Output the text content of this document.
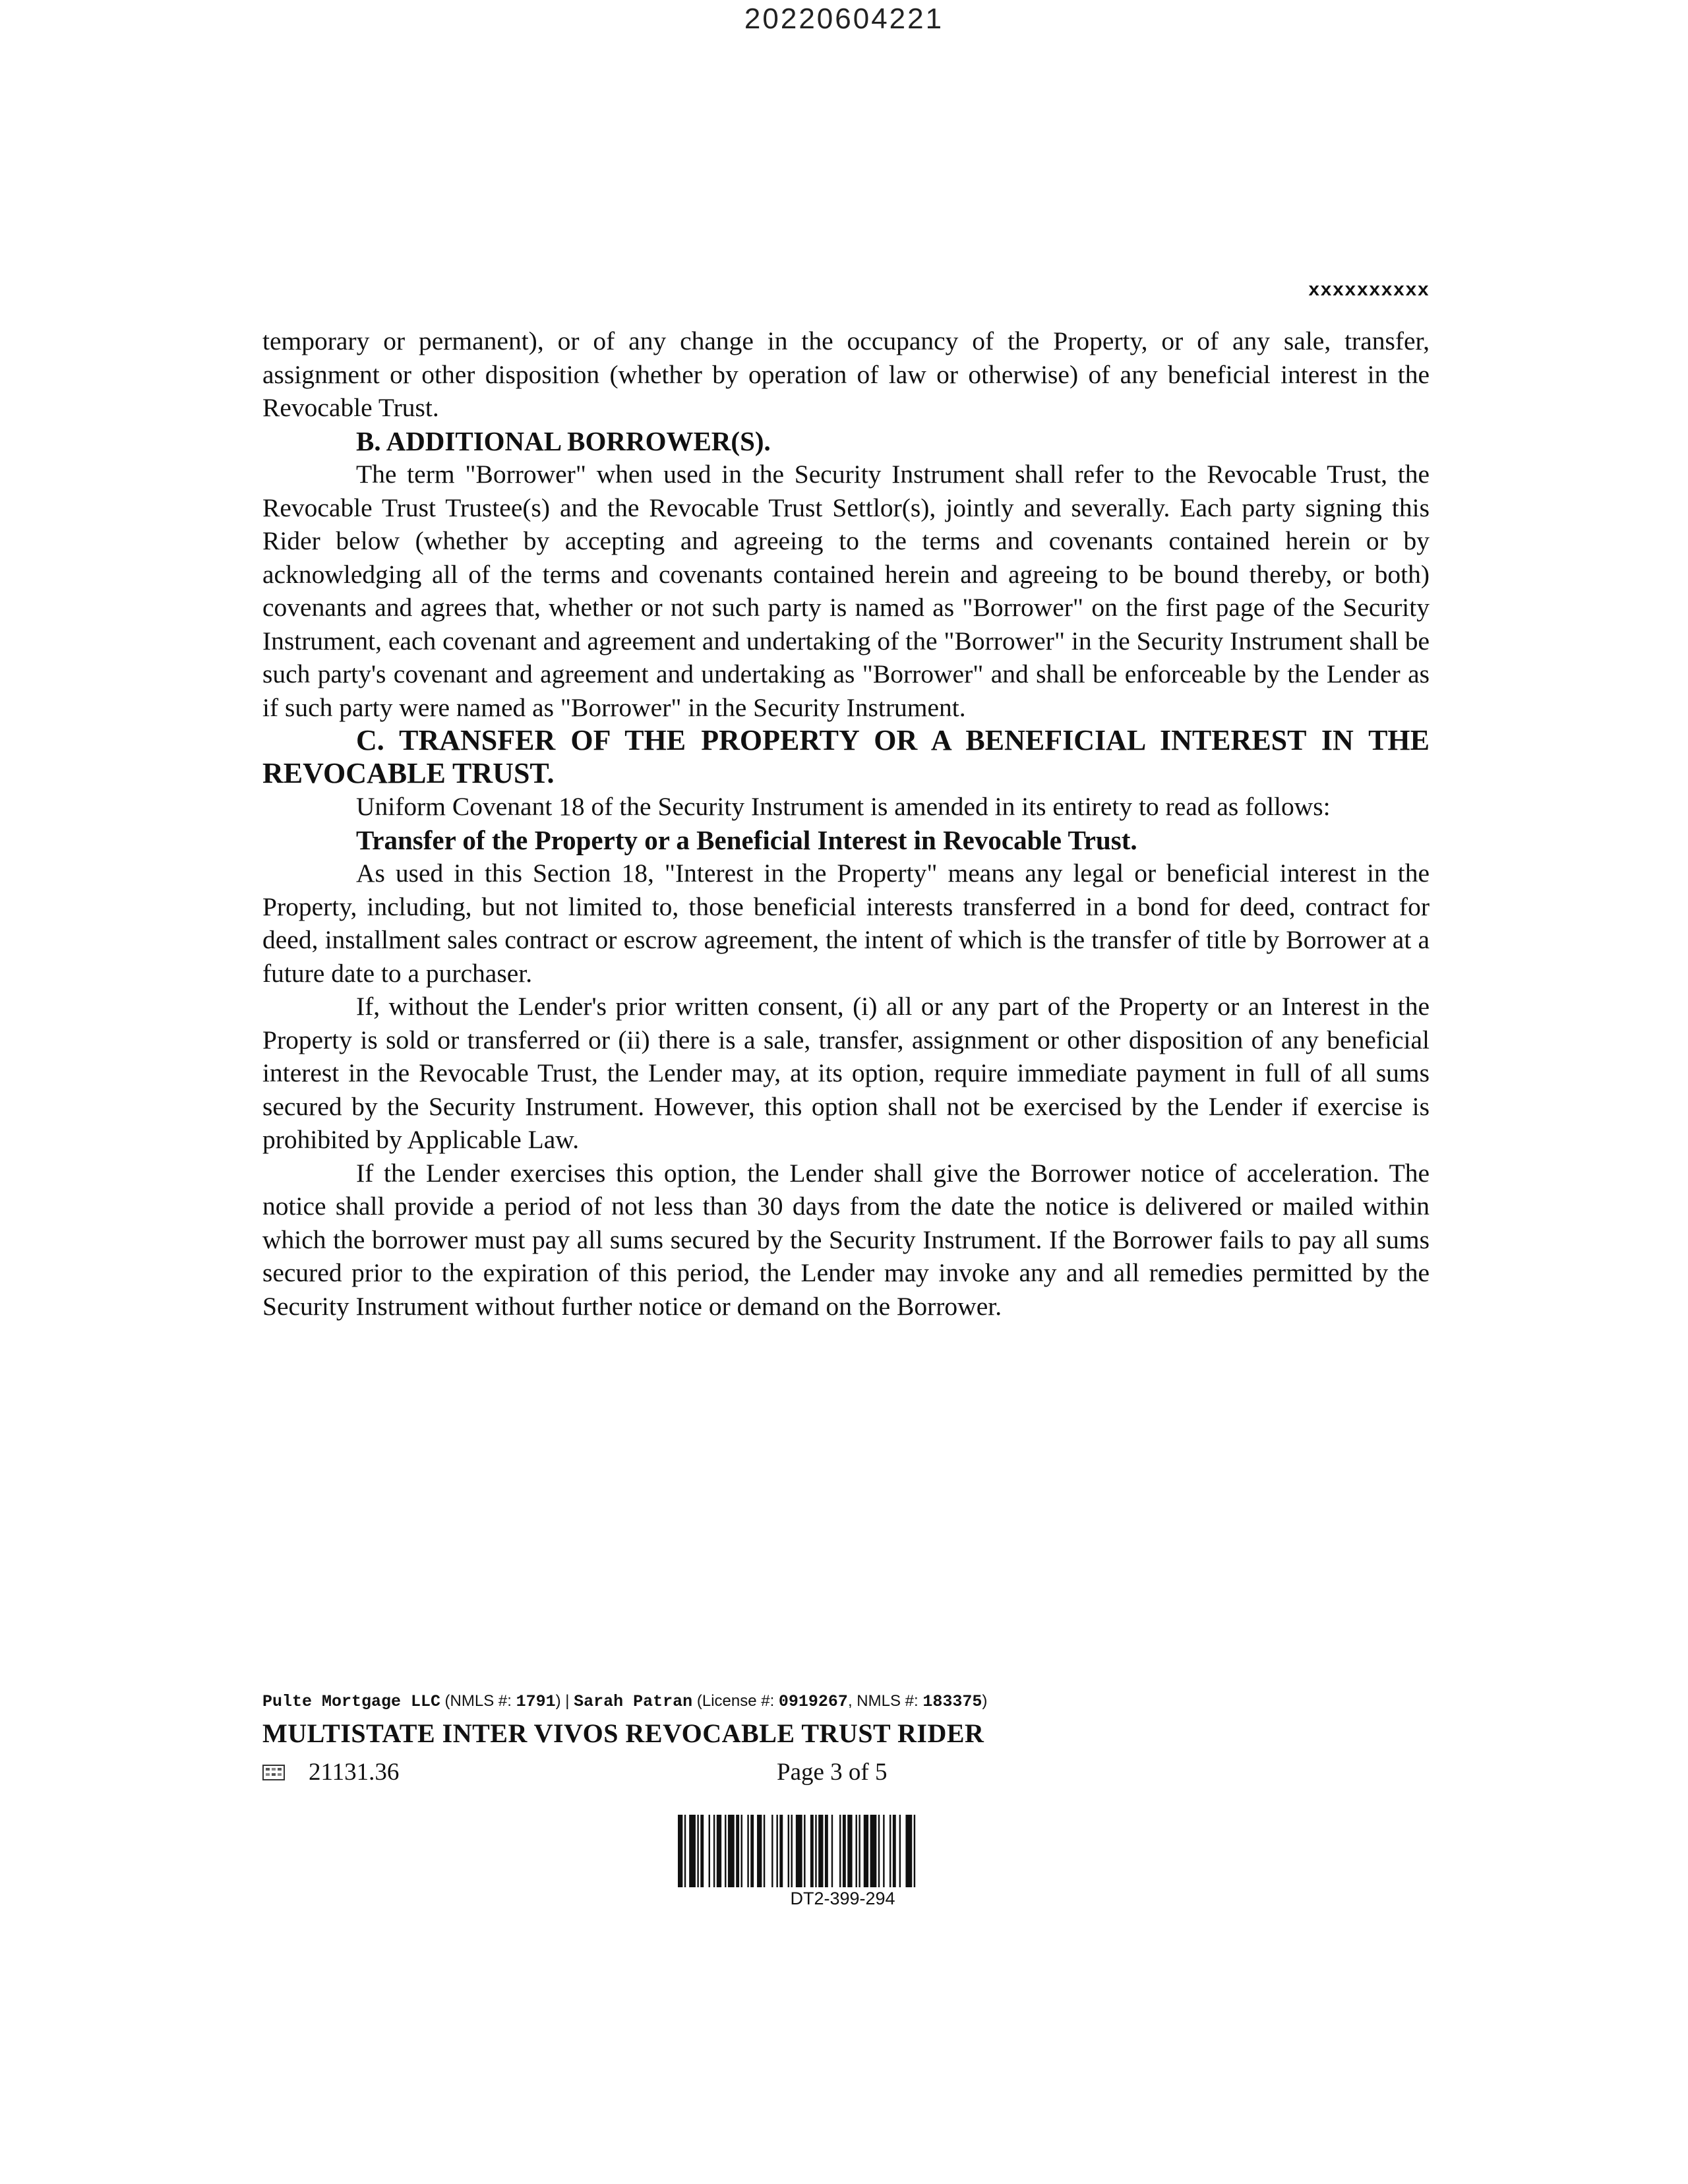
20220604221
xxxxxxxxxx

temporary or permanent), or of any change in the occupancy of the Property, or of any sale, transfer, assignment or other disposition (whether by operation of law or otherwise) of any beneficial interest in the Revocable Trust.

B. ADDITIONAL BORROWER(S).

The term "Borrower" when used in the Security Instrument shall refer to the Revocable Trust, the Revocable Trust Trustee(s) and the Revocable Trust Settlor(s), jointly and severally. Each party signing this Rider below (whether by accepting and agreeing to the terms and covenants contained herein or by acknowledging all of the terms and covenants contained herein and agreeing to be bound thereby, or both) covenants and agrees that, whether or not such party is named as "Borrower" on the first page of the Security Instrument, each covenant and agreement and undertaking of the "Borrower" in the Security Instrument shall be such party's covenant and agreement and undertaking as "Borrower" and shall be enforceable by the Lender as if such party were named as "Borrower" in the Security Instrument.

C. TRANSFER OF THE PROPERTY OR A BENEFICIAL INTEREST IN THE REVOCABLE TRUST.

Uniform Covenant 18 of the Security Instrument is amended in its entirety to read as follows:

Transfer of the Property or a Beneficial Interest in Revocable Trust.

As used in this Section 18, "Interest in the Property" means any legal or beneficial interest in the Property, including, but not limited to, those beneficial interests transferred in a bond for deed, contract for deed, installment sales contract or escrow agreement, the intent of which is the transfer of title by Borrower at a future date to a purchaser.

If, without the Lender's prior written consent, (i) all or any part of the Property or an Interest in the Property is sold or transferred or (ii) there is a sale, transfer, assignment or other disposition of any beneficial interest in the Revocable Trust, the Lender may, at its option, require immediate payment in full of all sums secured by the Security Instrument. However, this option shall not be exercised by the Lender if exercise is prohibited by Applicable Law.

If the Lender exercises this option, the Lender shall give the Borrower notice of acceleration. The notice shall provide a period of not less than 30 days from the date the notice is delivered or mailed within which the borrower must pay all sums secured by the Security Instrument. If the Borrower fails to pay all sums secured prior to the expiration of this period, the Lender may invoke any and all remedies permitted by the Security Instrument without further notice or demand on the Borrower.

Pulte Mortgage LLC (NMLS #: 1791) | Sarah Patran (License #: 0919267, NMLS #: 183375)
MULTISTATE INTER VIVOS REVOCABLE TRUST RIDER
21131.36	Page 3 of 5
DT2-399-294
